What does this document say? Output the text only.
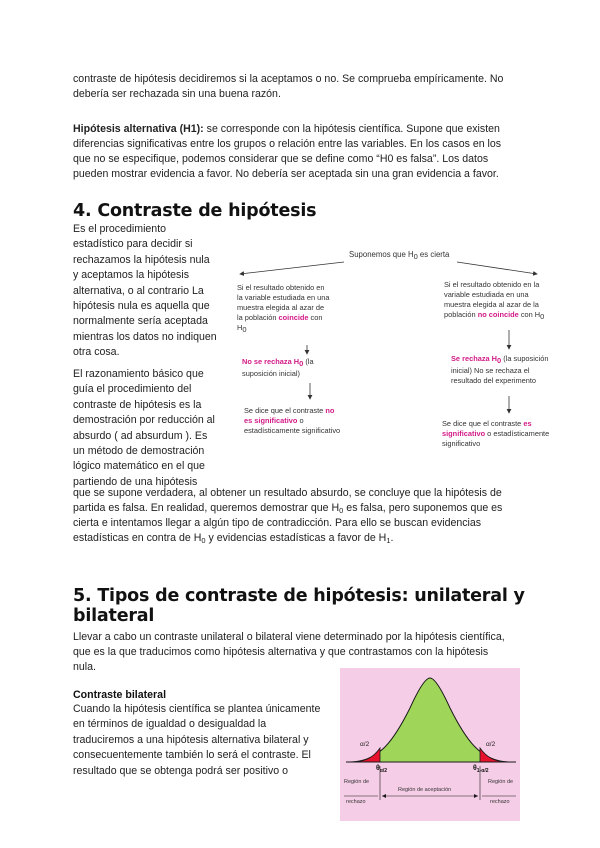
contraste de hipótesis decidiremos si la aceptamos o no. Se comprueba empíricamente. No

debería ser rechazada sin una buena razón.

Hipótesis alternativa (H1): se corresponde con la hipótesis científica. Supone que existen

diferencias significativas entre los grupos o relación entre las variables. En los casos en los

que no se especifique, podemos considerar que se define como “H0 es falsa”. Los datos

pueden mostrar evidencia a favor. No debería ser aceptada sin una gran evidencia a favor.

4. Contraste de hipótesis

Es el procedimiento

estadístico para decidir si

rechazamos la hipótesis nula

y aceptamos la hipótesis

alternativa, o al contrario La

hipótesis nula es aquella que

normalmente sería aceptada

mientras los datos no indiquen

otra cosa.

El razonamiento básico que

guía el procedimiento del

contraste de hipótesis es la

demostración por reducción al

absurdo ( ad absurdum ). Es

un método de demostración

lógico matemático en el que

partiendo de una hipótesis

Suponemos que $H_0$ es cierta

Si el resultado obtenido en

la variable estudiada en una

muestra elegida al azar de

la población coincide con

$H_0$

No se rechaza $H_0$ (la

suposición inicial)

Se dice que el contraste no

es significativo o

estadísticamente significativo

Si el resultado obtenido en la

variable estudiada en una

muestra elegida al azar de la

población no coincide con $H_0$

Se rechaza $H_0$ (la suposición

inicial) No se rechaza el

resultado del experimento

Se dice que el contraste es

significativo o estadísticamente

significativo

que se supone verdadera, al obtener un resultado absurdo, se concluye que la hipótesis de

partida es falsa. En realidad, queremos demostrar que $H_0$ es falsa, pero suponemos que es

cierta e intentamos llegar a algún tipo de contradicción. Para ello se buscan evidencias

estadísticas en contra de $H_0$ y evidencias estadísticas a favor de $H_1$.

5. Tipos de contraste de hipótesis: unilateral y
bilateral

Llevar a cabo un contraste unilateral o bilateral viene determinado por la hipótesis científica,

que es la que traducimos como hipótesis alternativa y que contrastamos con la hipótesis

nula.

Contraste bilateral

Cuando la hipótesis científica se plantea únicamente

en términos de igualdad o desigualdad la

traduciremos a una hipótesis alternativa bilateral y

consecuentemente también lo será el contraste. El

resultado que se obtenga podrá ser positivo o

α/2	α/2
$\theta_{\alpha/2}$	$\theta_{1-\alpha/2}$
Región de
rechazo
Región de aceptación
Región de
rechazo
